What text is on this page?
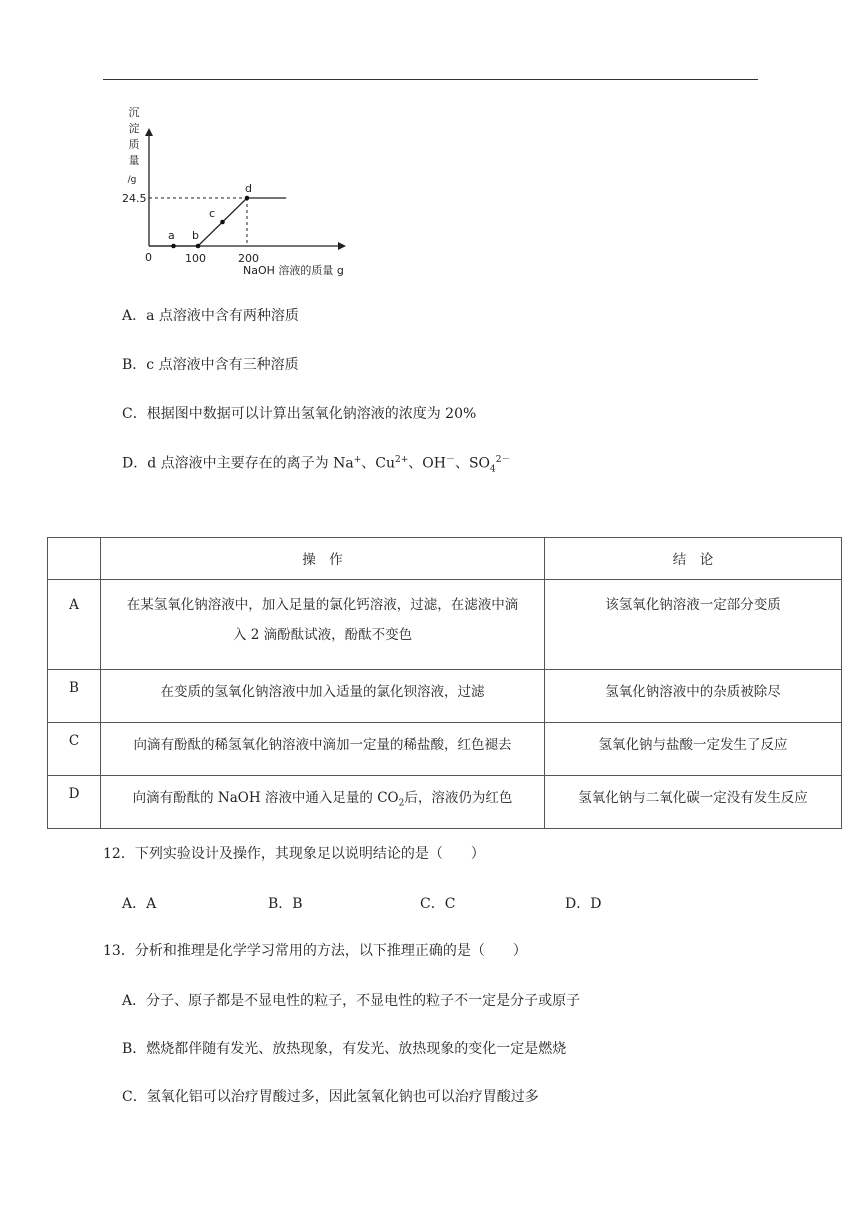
沉
淀
质
量
/g
24.5
0	100	200
NaOH 溶液的质量 g
a b
c
d
A．a 点溶液中含有两种溶质
B．c 点溶液中含有三种溶质
C．根据图中数据可以计算出氢氧化钠溶液的浓度为 20%
D．d 点溶液中主要存在的离子为 Na+、$Cu^{2+}$、OH－、$SO_4^{2-}$
	操　作	结　论
A	在某氢氧化钠溶液中，加入足量的氯化钙溶液，过滤，在滤液中滴
入 2 滴酚酞试液，酚酞不变色	该氢氧化钠溶液一定部分变质
B	在变质的氢氧化钠溶液中加入适量的氯化钡溶液，过滤	氢氧化钠溶液中的杂质被除尽
C	向滴有酚酞的稀氢氧化钠溶液中滴加一定量的稀盐酸，红色褪去	氢氧化钠与盐酸一定发生了反应
D	向滴有酚酞的 NaOH 溶液中通入足量的 $CO_2$后，溶液仍为红色	氢氧化钠与二氧化碳一定没有发生反应
12．下列实验设计及操作，其现象足以说明结论的是（　　）
A．A	B．B	C．C	D．D
13．分析和推理是化学学习常用的方法，以下推理正确的是（　　）
A．分子、原子都是不显电性的粒子，不显电性的粒子不一定是分子或原子
B．燃烧都伴随有发光、放热现象，有发光、放热现象的变化一定是燃烧
C．氢氧化铝可以治疗胃酸过多，因此氢氧化钠也可以治疗胃酸过多
